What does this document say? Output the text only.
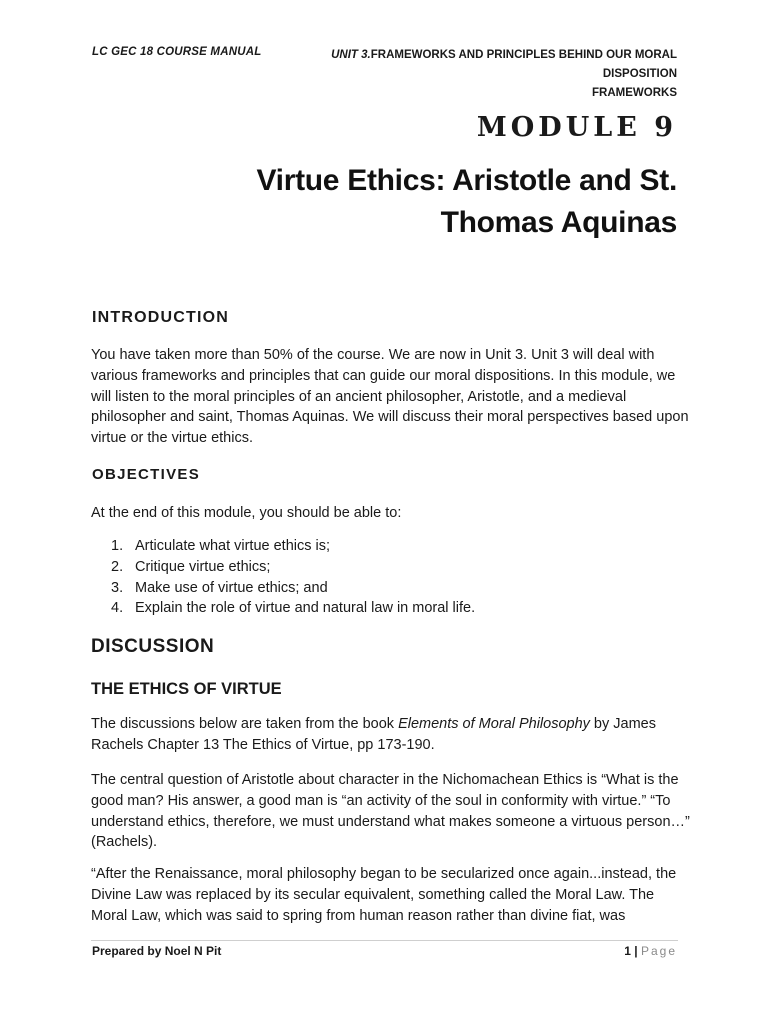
LC GEC 18 COURSE MANUAL	UNIT 3.FRAMEWORKS AND PRINCIPLES BEHIND OUR MORAL DISPOSITION
FRAMEWORKS
MODULE 9
Virtue Ethics: Aristotle and St.
Thomas Aquinas
INTRODUCTION

You have taken more than 50% of the course. We are now in Unit 3. Unit 3 will deal with various frameworks and principles that can guide our moral dispositions. In this module, we will listen to the moral principles of an ancient philosopher, Aristotle, and a medieval philosopher and saint, Thomas Aquinas. We will discuss their moral perspectives based upon virtue or the virtue ethics.

OBJECTIVES

At the end of this module, you should be able to:

1. Articulate what virtue ethics is;
2. Critique virtue ethics;
3. Make use of virtue ethics; and
4. Explain the role of virtue and natural law in moral life.
DISCUSSION
THE ETHICS OF VIRTUE

The discussions below are taken from the book Elements of Moral Philosophy by James Rachels Chapter 13 The Ethics of Virtue, pp 173-190.

The central question of Aristotle about character in the Nichomachean Ethics is “What is the good man? His answer, a good man is “an activity of the soul in conformity with virtue.” “To understand ethics, therefore, we must understand what makes someone a virtuous person…” (Rachels).

“After the Renaissance, moral philosophy began to be secularized once again...instead, the Divine Law was replaced by its secular equivalent, something called the Moral Law. The Moral Law, which was said to spring from human reason rather than divine fiat, was

Prepared by Noel N Pit	1 | Page
